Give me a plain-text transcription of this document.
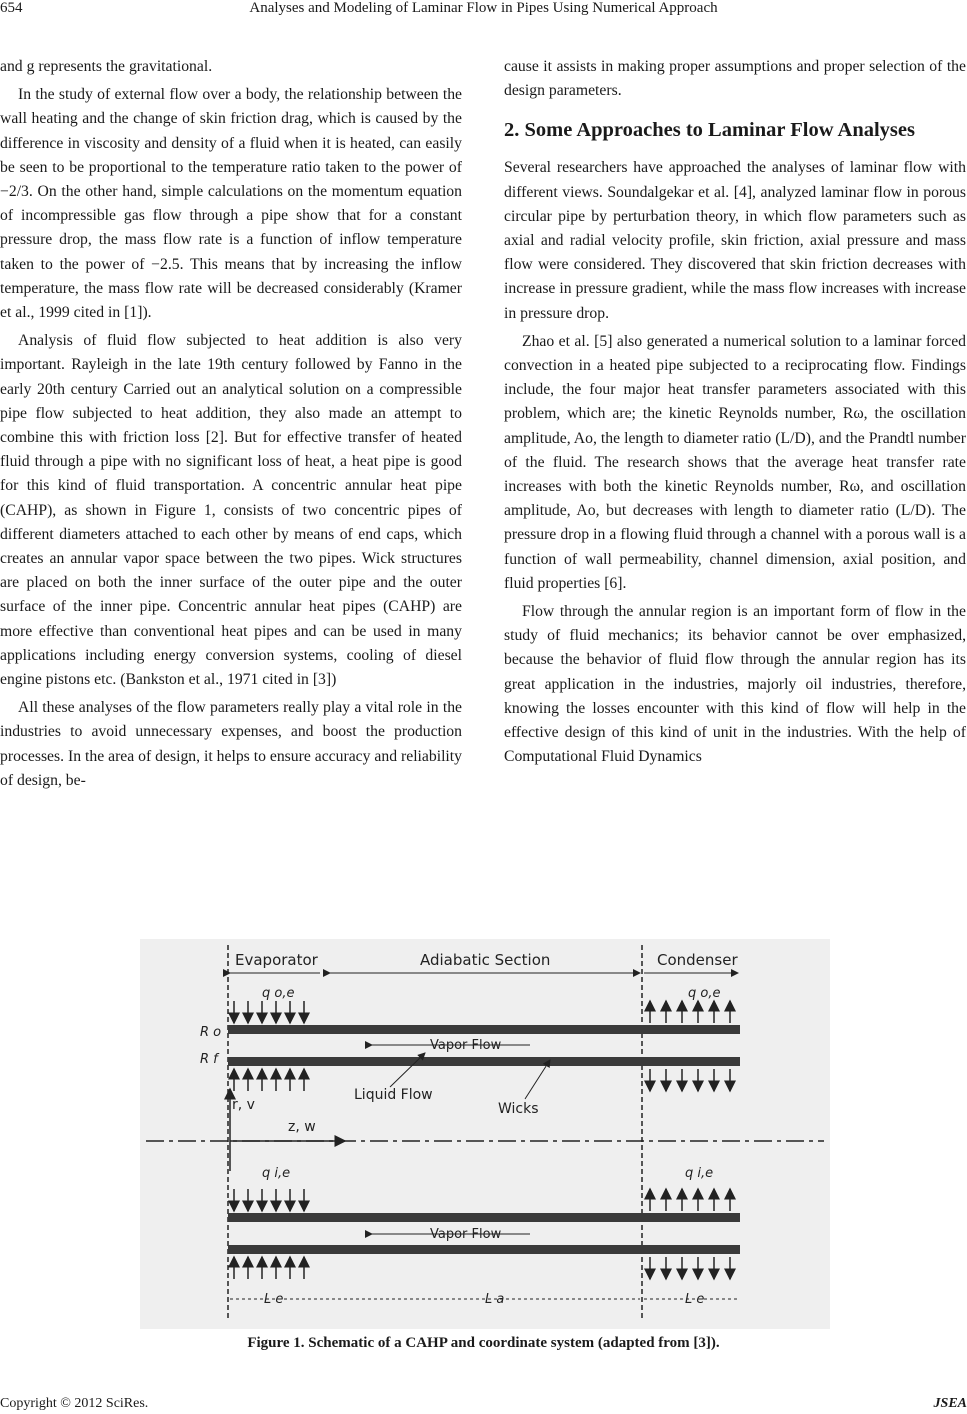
654	Analyses and Modeling of Laminar Flow in Pipes Using Numerical Approach

and g represents the gravitational.

In the study of external flow over a body, the relationship between the wall heating and the change of skin friction drag, which is caused by the difference in viscosity and density of a fluid when it is heated, can easily be seen to be proportional to the temperature ratio taken to the power of −2/3. On the other hand, simple calculations on the momentum equation of incompressible gas flow through a pipe show that for a constant pressure drop, the mass flow rate is a function of inflow temperature taken to the power of −2.5. This means that by increasing the inflow temperature, the mass flow rate will be decreased considerably (Kramer et al., 1999 cited in [1]).

Analysis of fluid flow subjected to heat addition is also very important. Rayleigh in the late 19th century followed by Fanno in the early 20th century Carried out an analytical solution on a compressible pipe flow subjected to heat addition, they also made an attempt to combine this with friction loss [2]. But for effective transfer of heated fluid through a pipe with no significant loss of heat, a heat pipe is good for this kind of fluid transportation. A concentric annular heat pipe (CAHP), as shown in Figure 1, consists of two concentric pipes of different diameters attached to each other by means of end caps, which creates an annular vapor space between the two pipes. Wick structures are placed on both the inner surface of the outer pipe and the outer surface of the inner pipe. Concentric annular heat pipes (CAHP) are more effective than conventional heat pipes and can be used in many applications including energy conversion systems, cooling of diesel engine pistons etc. (Bankston et al., 1971 cited in [3])

All these analyses of the flow parameters really play a vital role in the industries to avoid unnecessary expenses, and boost the production processes. In the area of design, it helps to ensure accuracy and reliability of design, be-

cause it assists in making proper assumptions and proper selection of the design parameters.

2. Some Approaches to Laminar Flow Analyses

Several researchers have approached the analyses of laminar flow with different views. Soundalgekar et al. [4], analyzed laminar flow in porous circular pipe by perturbation theory, in which flow parameters such as axial and radial velocity profile, skin friction, axial pressure and mass flow were considered. They discovered that skin friction decreases with increase in pressure gradient, while the mass flow increases with increase in pressure drop.

Zhao et al. [5] also generated a numerical solution to a laminar forced convection in a heated pipe subjected to a reciprocating flow. Findings include, the four major heat transfer parameters associated with this problem, which are; the kinetic Reynolds number, Rω, the oscillation amplitude, Ao, the length to diameter ratio (L/D), and the Prandtl number of the fluid. The research shows that the average heat transfer rate increases with both the kinetic Reynolds number, Rω, and oscillation amplitude, Ao, but decreases with length to diameter ratio (L/D). The pressure drop in a flowing fluid through a channel with a porous wall is a function of wall permeability, channel dimension, axial position, and fluid properties [6].

Flow through the annular region is an important form of flow in the study of fluid mechanics; its behavior cannot be over emphasized, because the behavior of fluid flow through the annular region has its great application in the industries, majorly oil industries, therefore, knowing the losses encounter with this kind of flow will help in the effective design of this kind of unit in the industries. With the help of Computational Fluid Dynamics

Evaporator	Adiabatic Section	Condenser
q o,e	q o,e
Vapor Flow
R o
R f
Liquid Flow
Wicks
r, v
z, w
q i,e	q i,e
Vapor Flow
L e	L a	L e
Figure 1. Schematic of a CAHP and coordinate system (adapted from [3]).
Copyright © 2012 SciRes.	JSEA
